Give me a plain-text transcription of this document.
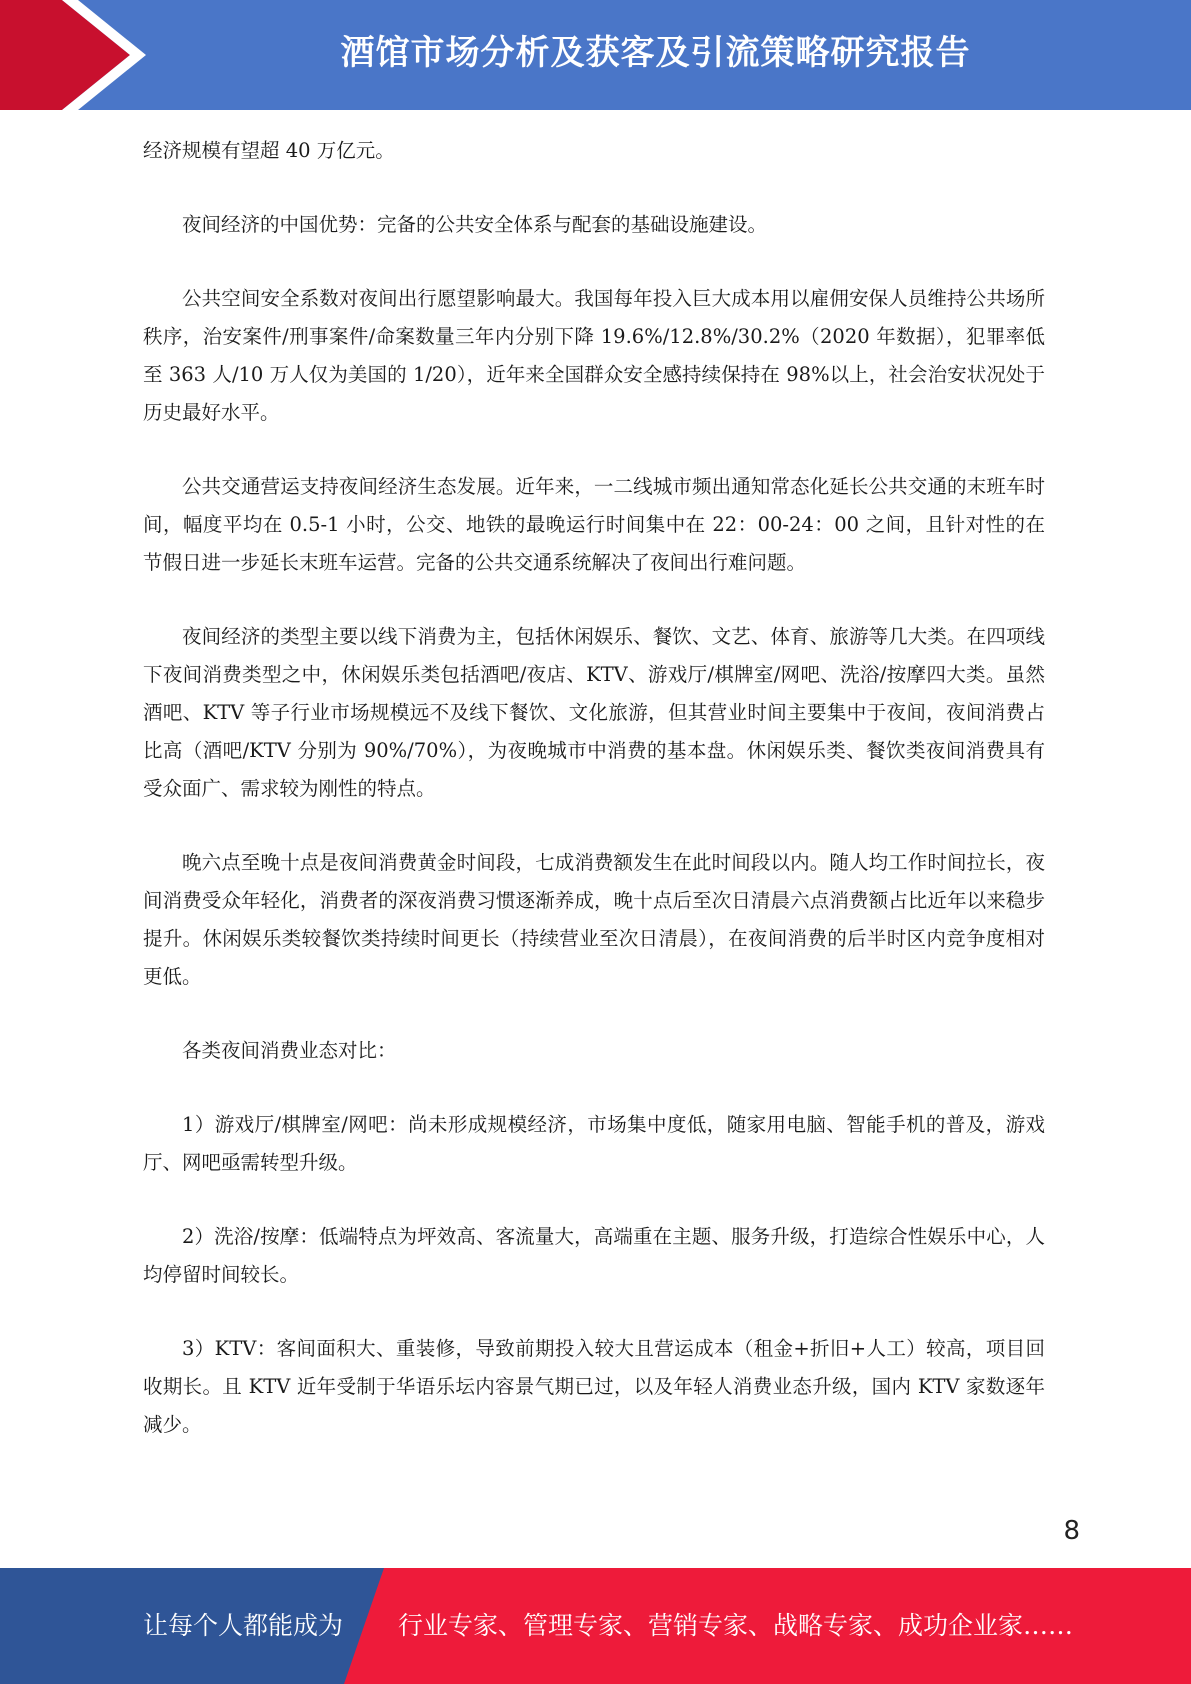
酒馆市场分析及获客及引流策略研究报告

经济规模有望超 40 万亿元。

夜间经济的中国优势：完备的公共安全体系与配套的基础设施建设。

公共空间安全系数对夜间出行愿望影响最大。我国每年投入巨大成本用以雇佣安保人员维持公共场所秩序，治安案件/刑事案件/命案数量三年内分别下降 19.6%/12.8%/30.2%（2020 年数据），犯罪率低至 363 人/10 万人仅为美国的 1/20），近年来全国群众安全感持续保持在 98%以上，社会治安状况处于历史最好水平。

公共交通营运支持夜间经济生态发展。近年来，一二线城市频出通知常态化延长公共交通的末班车时间，幅度平均在 0.5-1 小时，公交、地铁的最晚运行时间集中在 22：00-24：00 之间，且针对性的在节假日进一步延长末班车运营。完备的公共交通系统解决了夜间出行难问题。

夜间经济的类型主要以线下消费为主，包括休闲娱乐、餐饮、文艺、体育、旅游等几大类。在四项线下夜间消费类型之中，休闲娱乐类包括酒吧/夜店、KTV、游戏厅/棋牌室/网吧、洗浴/按摩四大类。虽然酒吧、KTV 等子行业市场规模远不及线下餐饮、文化旅游，但其营业时间主要集中于夜间，夜间消费占比高（酒吧/KTV 分别为 90%/70%），为夜晚城市中消费的基本盘。休闲娱乐类、餐饮类夜间消费具有受众面广、需求较为刚性的特点。

晚六点至晚十点是夜间消费黄金时间段，七成消费额发生在此时间段以内。随人均工作时间拉长，夜间消费受众年轻化，消费者的深夜消费习惯逐渐养成，晚十点后至次日清晨六点消费额占比近年以来稳步提升。休闲娱乐类较餐饮类持续时间更长（持续营业至次日清晨），在夜间消费的后半时区内竞争度相对更低。

各类夜间消费业态对比：

1）游戏厅/棋牌室/网吧：尚未形成规模经济，市场集中度低，随家用电脑、智能手机的普及，游戏厅、网吧亟需转型升级。

2）洗浴/按摩：低端特点为坪效高、客流量大，高端重在主题、服务升级，打造综合性娱乐中心，人均停留时间较长。

3）KTV：客间面积大、重装修，导致前期投入较大且营运成本（租金+折旧+人工）较高，项目回收期长。且 KTV 近年受制于华语乐坛内容景气期已过，以及年轻人消费业态升级，国内 KTV 家数逐年减少。

8
让每个人都能成为 行业专家、管理专家、营销专家、战略专家、成功企业家……
